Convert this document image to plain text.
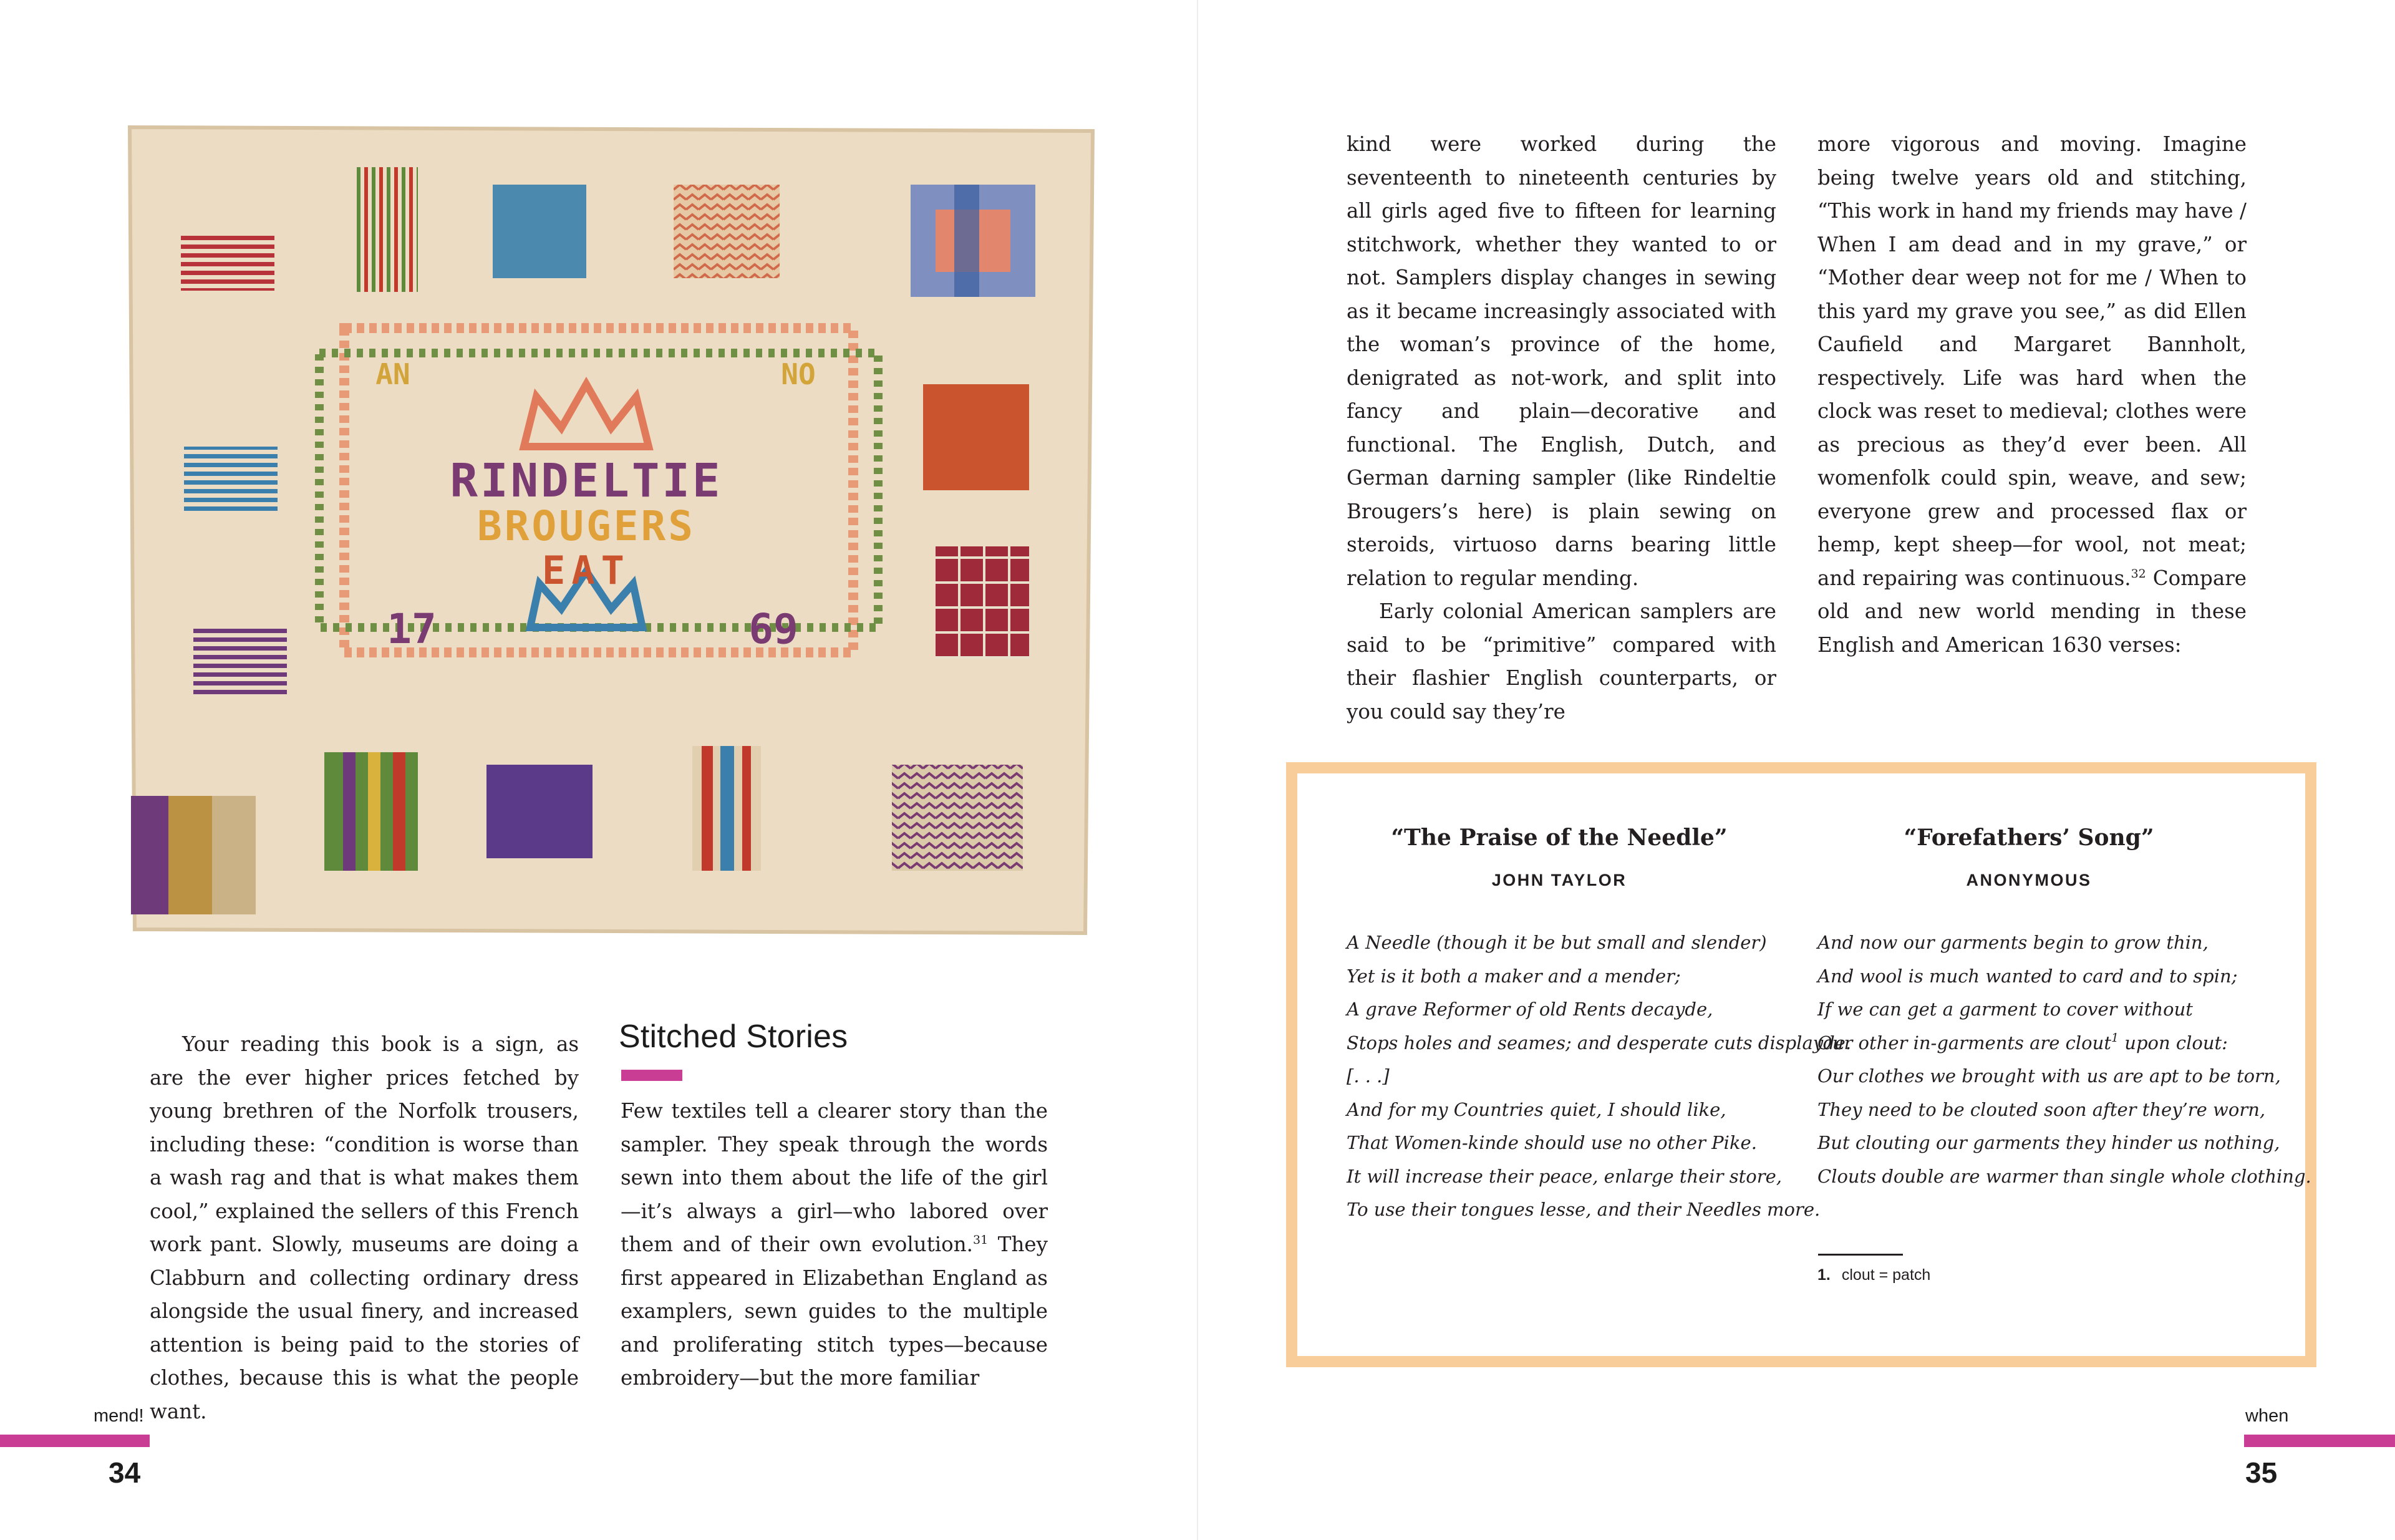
AN	NO
RINDELTIE
BROUGERS
EAT
17	69

Your reading this book is a sign, as are the ever higher prices fetched by young brethren of the Norfolk trousers, including these: “condition is worse than a wash rag and that is what makes them cool,” explained the sellers of this French work pant. Slowly, museums are doing a Clabburn and collecting ordinary dress alongside the usual finery, and increased attention is being paid to the stories of clothes, because this is what the people want.

Stitched Stories

Few textiles tell a clearer story than the sampler. They speak through the words sewn into them about the life of the girl—it’s always a girl—who labored over them and of their own evolution.$^{31}$ They first appeared in Elizabethan England as examplers, sewn guides to the multiple and proliferating stitch types—because embroidery—but the more familiar

mend!
34

kind were worked during the seventeenth to nineteenth centuries by all girls aged five to fifteen for learning stitchwork, whether they wanted to or not. Samplers display changes in sewing as it became increasingly associated with the woman’s province of the home, denigrated as not-work, and split into fancy and plain—decorative and functional. The English, Dutch, and German darning sampler (like Rindeltie Brougers’s here) is plain sewing on steroids, virtuoso darns bearing little relation to regular mending.

Early colonial American samplers are said to be “primitive” compared with their flashier English counterparts, or you could say they’re

more vigorous and moving. Imagine being twelve years old and stitching, “This work in hand my friends may have / When I am dead and in my grave,” or “Mother dear weep not for me / When to this yard my grave you see,” as did Ellen Caufield and Margaret Bannholt, respectively. Life was hard when the clock was reset to medieval; clothes were as precious as they’d ever been. All womenfolk could spin, weave, and sew; everyone grew and processed flax or hemp, kept sheep—for wool, not meat; and repairing was continuous.$^{32}$ Compare old and new world mending in these English and American 1630 verses:

“The Praise of the Needle”
JOHN TAYLOR
A Needle (though it be but small and slender)
Yet is it both a maker and a mender;
A grave Reformer of old Rents decayde,
Stops holes and seames; and desperate cuts displayde.
[. . .]
And for my Countries quiet, I should like,
That Women-kinde should use no other Pike.
It will increase their peace, enlarge their store,
To use their tongues lesse, and their Needles more.
“Forefathers’ Song”
ANONYMOUS
And now our garments begin to grow thin,
And wool is much wanted to card and to spin;
If we can get a garment to cover without
Our other in-garments are clout$^1$ upon clout:
Our clothes we brought with us are apt to be torn,
They need to be clouted soon after they’re worn,
But clouting our garments they hinder us nothing,
Clouts double are warmer than single whole clothing.
1. clout = patch
when
35
